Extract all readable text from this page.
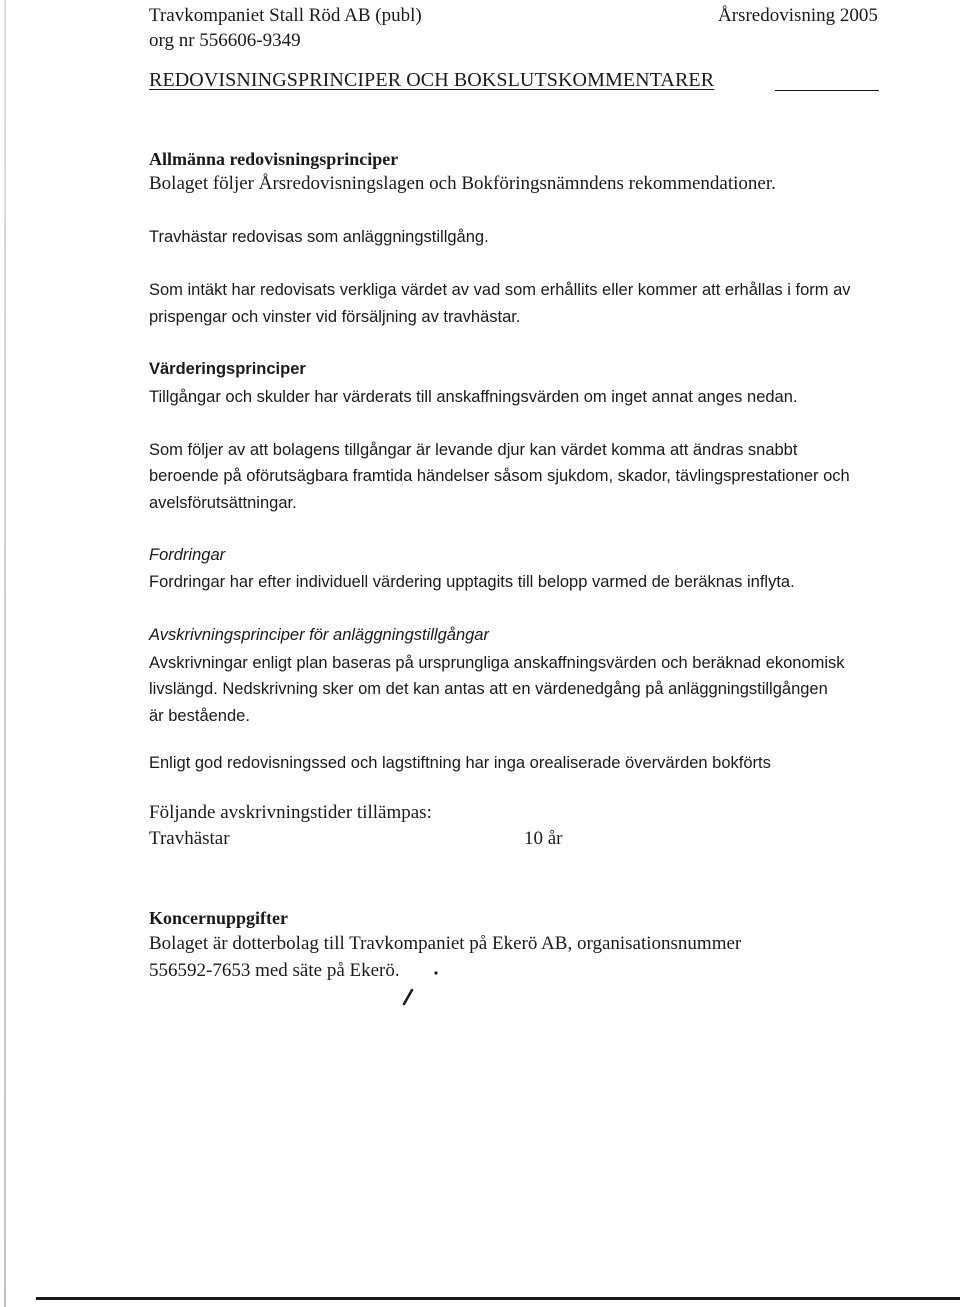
Travkompaniet Stall Röd AB (publ)
org nr 556606-9349
Årsredovisning 2005
REDOVISNINGSPRINCIPER OCH BOKSLUTSKOMMENTARER
Allmänna redovisningsprinciper
Bolaget följer Årsredovisningslagen och Bokföringsnämndens rekommendationer.
Travhästar redovisas som anläggningstillgång.
Som intäkt har redovisats verkliga värdet av vad som erhållits eller kommer att erhållas i form av
prispengar och vinster vid försäljning av travhästar.
Värderingsprinciper
Tillgångar och skulder har värderats till anskaffningsvärden om inget annat anges nedan.
Som följer av att bolagens tillgångar är levande djur kan värdet komma att ändras snabbt
beroende på oförutsägbara framtida händelser såsom sjukdom, skador, tävlingsprestationer och
avelsförutsättningar.
Fordringar
Fordringar har efter individuell värdering upptagits till belopp varmed de beräknas inflyta.
Avskrivningsprinciper för anläggningstillgångar
Avskrivningar enligt plan baseras på ursprungliga anskaffningsvärden och beräknad ekonomisk
livslängd. Nedskrivning sker om det kan antas att en värdenedgång på anläggningstillgången
är bestående.
Enligt god redovisningssed och lagstiftning har inga orealiserade övervärden bokförts
Följande avskrivningstider tillämpas:
Travhästar	10 år
Koncernuppgifter
Bolaget är dotterbolag till Travkompaniet på Ekerö AB, organisationsnummer
556592-7653 med säte på Ekerö.
